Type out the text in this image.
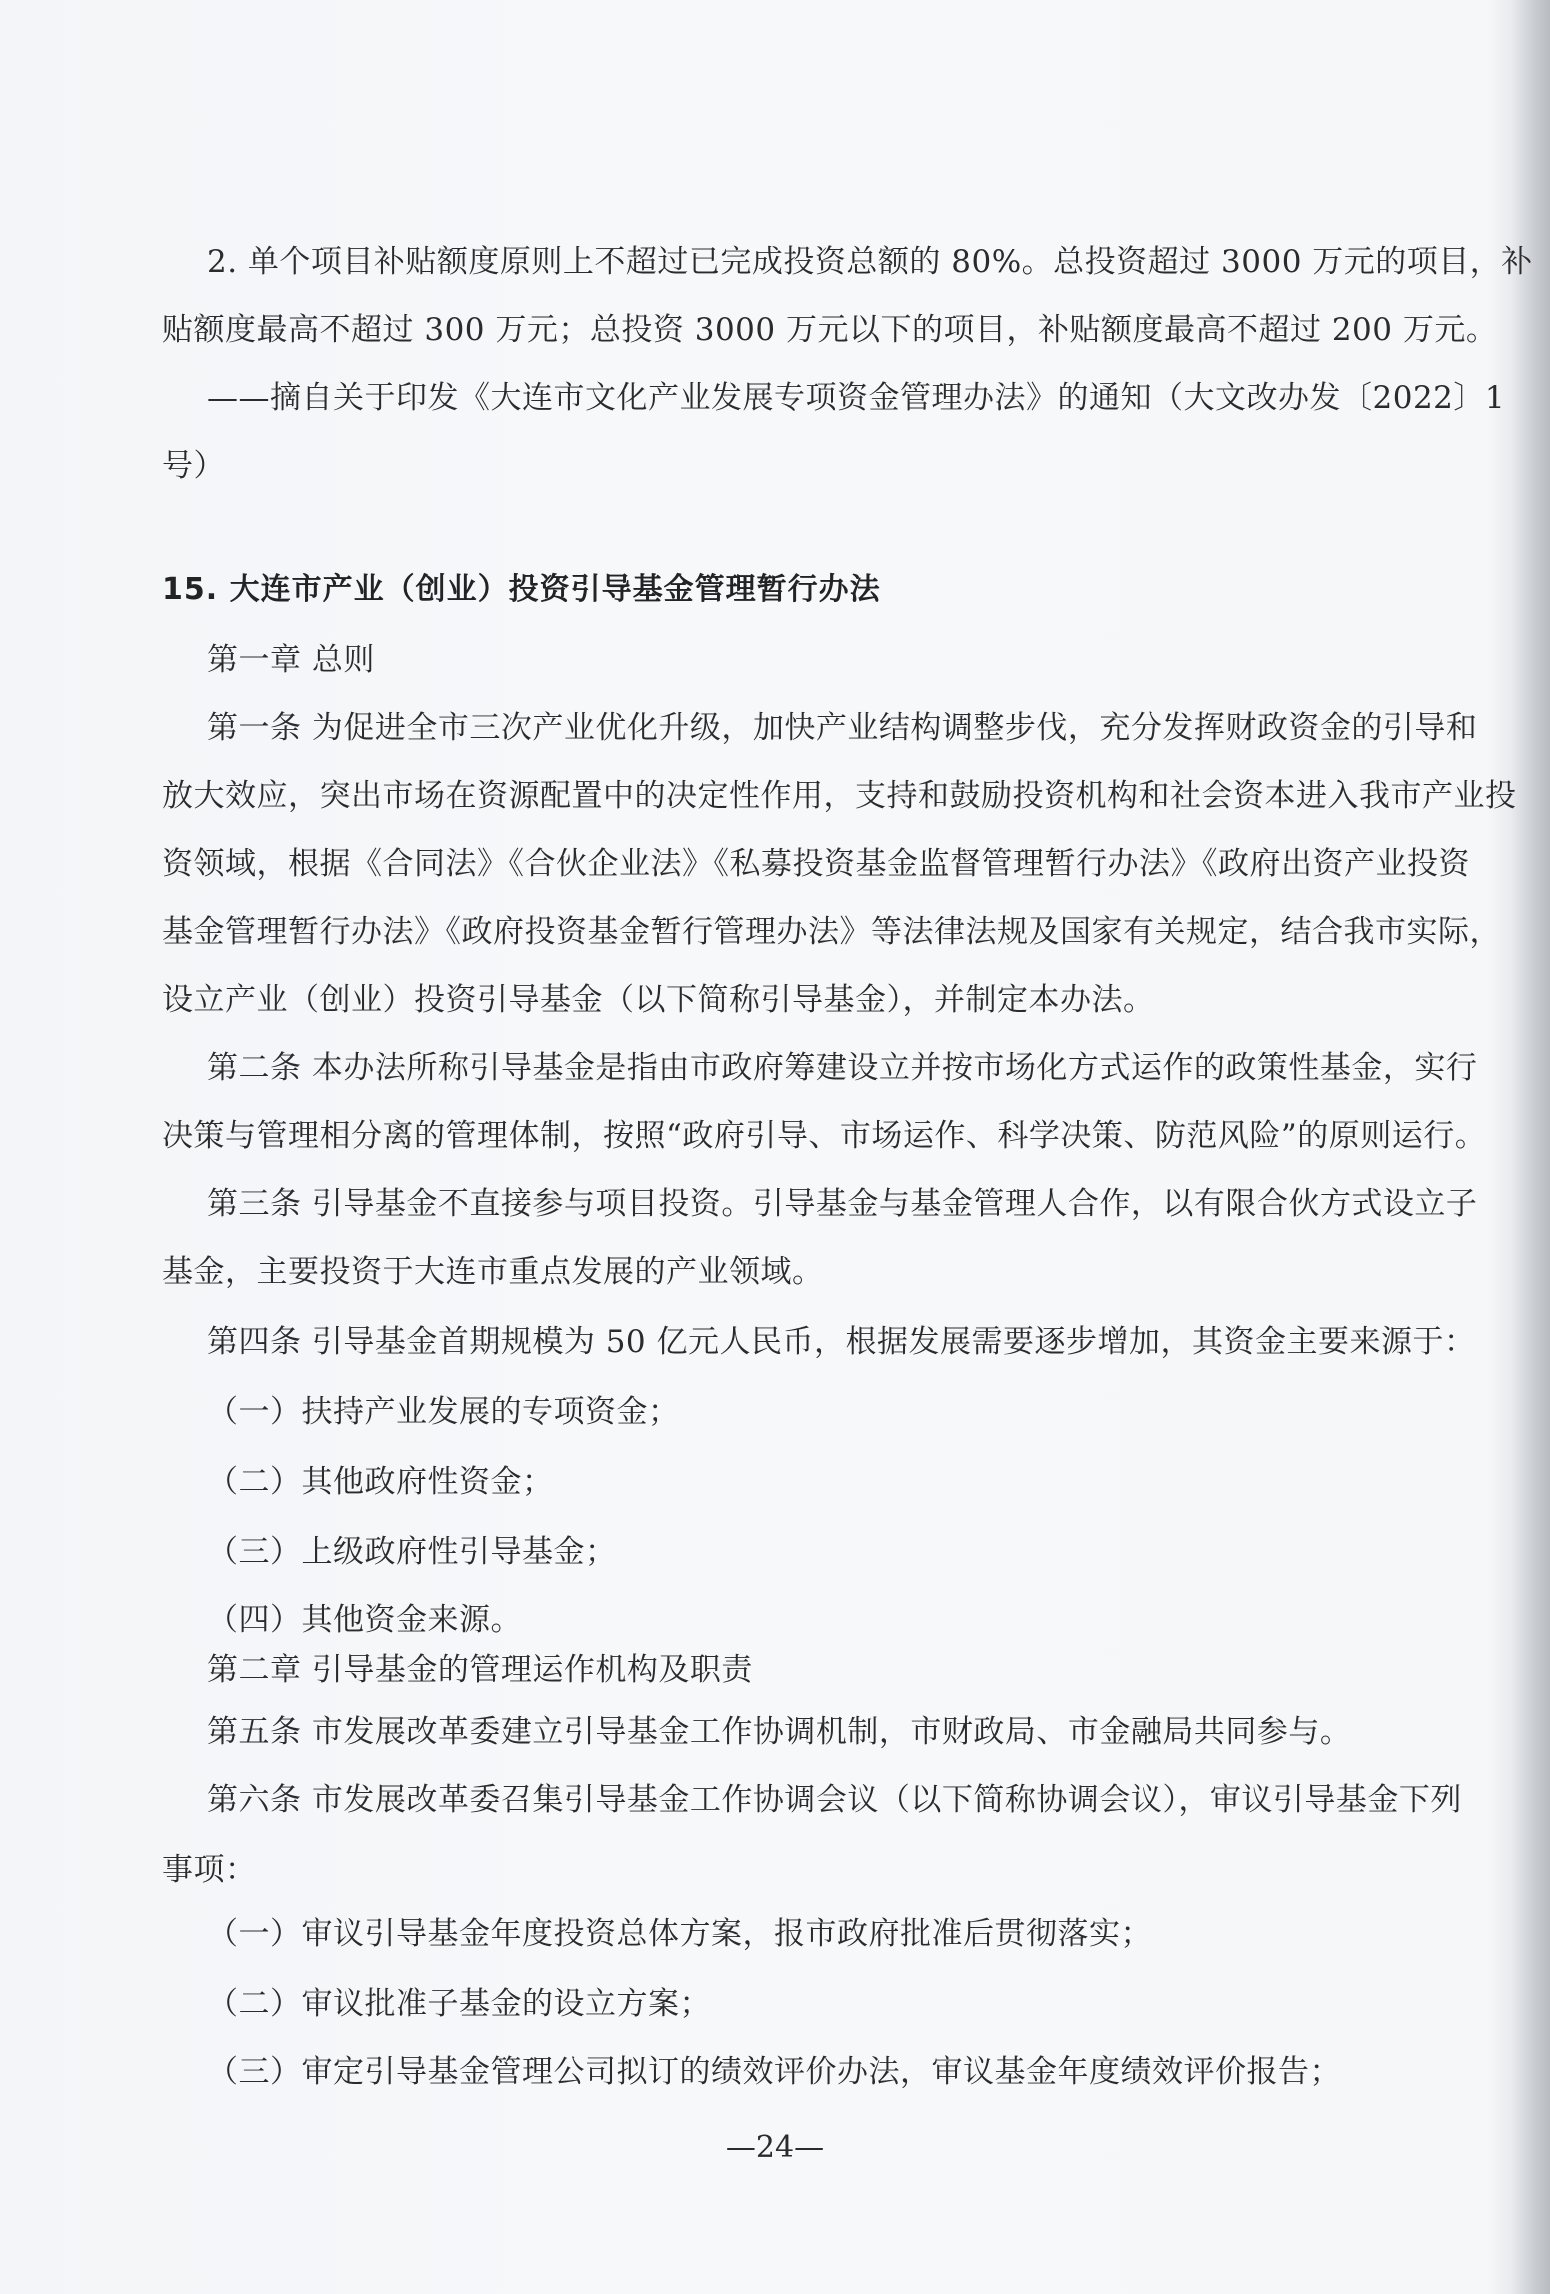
2. 单个项目补贴额度原则上不超过已完成投资总额的 80%。总投资超过 3000 万元的项目，补
贴额度最高不超过 300 万元；总投资 3000 万元以下的项目，补贴额度最高不超过 200 万元。
——摘自关于印发《大连市文化产业发展专项资金管理办法》的通知（大文改办发〔2022〕1
号）
15. 大连市产业（创业）投资引导基金管理暂行办法
第一章 总则
第一条 为促进全市三次产业优化升级，加快产业结构调整步伐，充分发挥财政资金的引导和
放大效应，突出市场在资源配置中的决定性作用，支持和鼓励投资机构和社会资本进入我市产业投
资领域，根据《合同法》《合伙企业法》《私募投资基金监督管理暂行办法》《政府出资产业投资
基金管理暂行办法》《政府投资基金暂行管理办法》等法律法规及国家有关规定，结合我市实际，
设立产业（创业）投资引导基金（以下简称引导基金），并制定本办法。
第二条 本办法所称引导基金是指由市政府筹建设立并按市场化方式运作的政策性基金，实行
决策与管理相分离的管理体制，按照“政府引导、市场运作、科学决策、防范风险”的原则运行。
第三条 引导基金不直接参与项目投资。引导基金与基金管理人合作，以有限合伙方式设立子
基金，主要投资于大连市重点发展的产业领域。
第四条 引导基金首期规模为 50 亿元人民币，根据发展需要逐步增加，其资金主要来源于：
（一）扶持产业发展的专项资金；
（二）其他政府性资金；
（三）上级政府性引导基金；
（四）其他资金来源。
第二章 引导基金的管理运作机构及职责
第五条 市发展改革委建立引导基金工作协调机制，市财政局、市金融局共同参与。
第六条 市发展改革委召集引导基金工作协调会议（以下简称协调会议），审议引导基金下列
事项：
（一）审议引导基金年度投资总体方案，报市政府批准后贯彻落实；
（二）审议批准子基金的设立方案；
（三）审定引导基金管理公司拟订的绩效评价办法，审议基金年度绩效评价报告；
—24—
